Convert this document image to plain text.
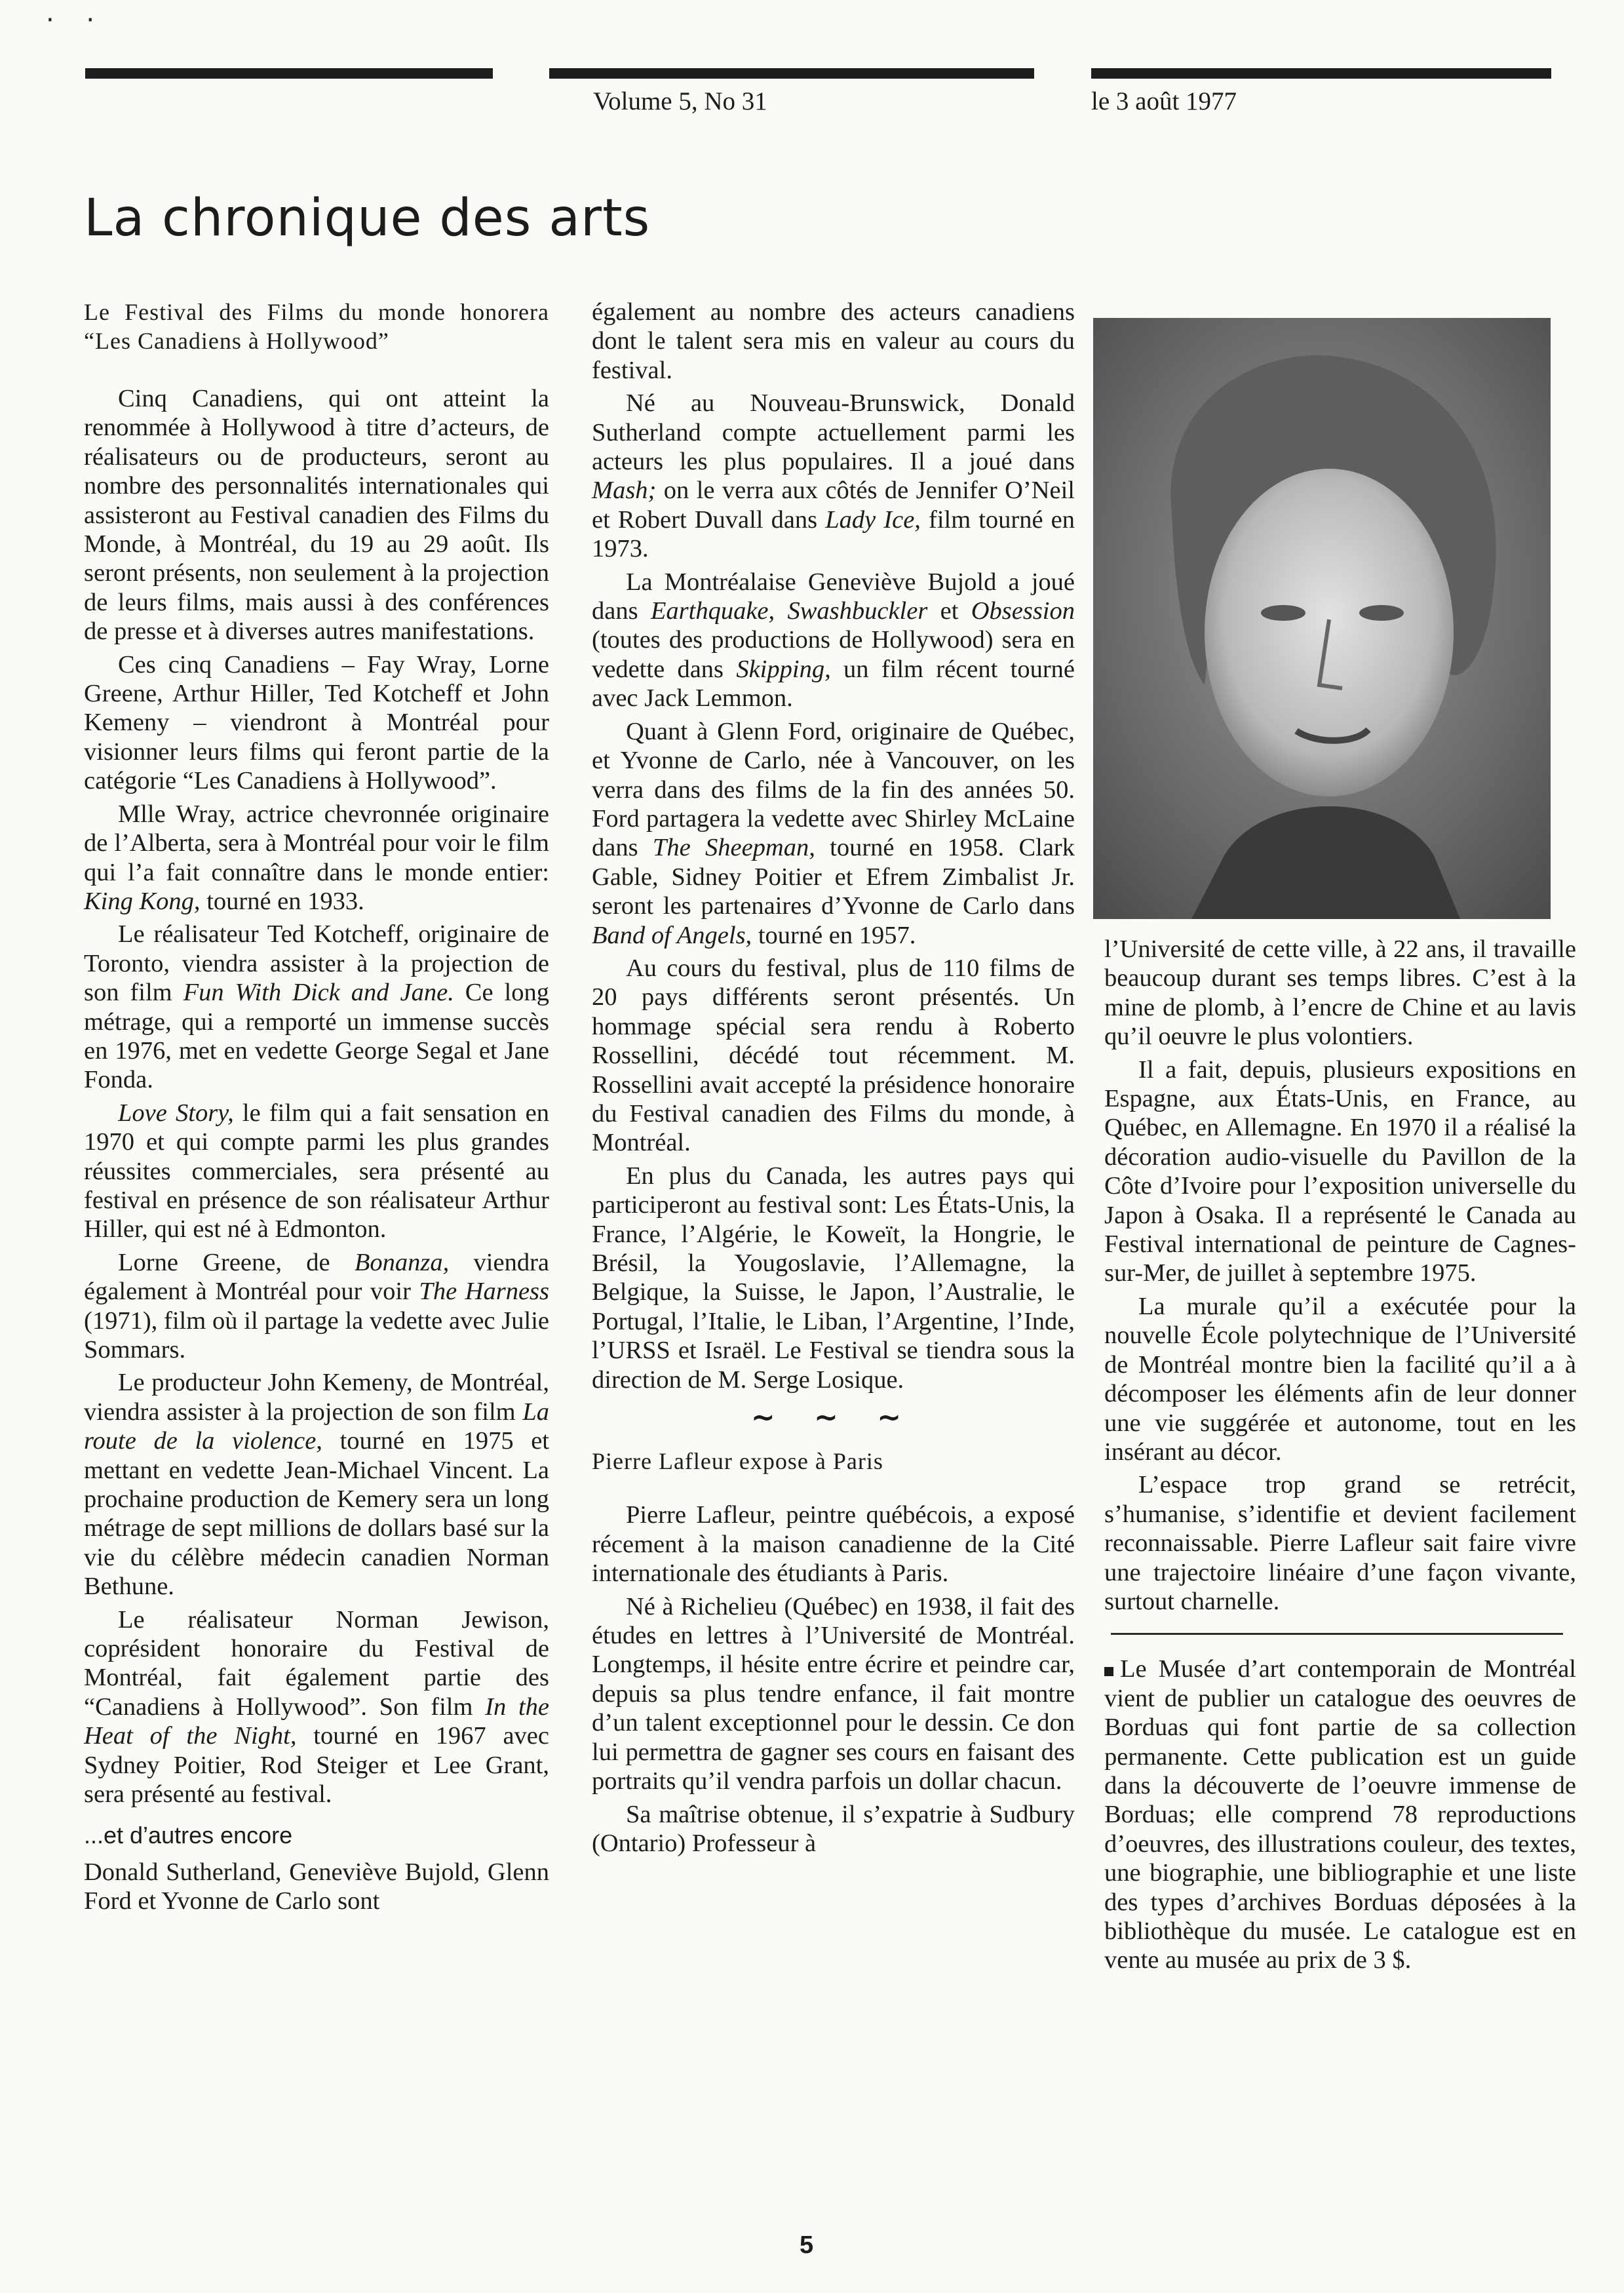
· ·
Volume 5, No 31	le 3 août 1977
La chronique des arts

Le Festival des Films du monde honorera “Les Canadiens à Hollywood”

Cinq Canadiens, qui ont atteint la renommée à Hollywood à titre d’acteurs, de réalisateurs ou de producteurs, seront au nombre des personnalités internationales qui assisteront au Festival canadien des Films du Monde, à Montréal, du 19 au 29 août. Ils seront présents, non seulement à la projection de leurs films, mais aussi à des conférences de presse et à diverses autres manifestations.

Ces cinq Canadiens – Fay Wray, Lorne Greene, Arthur Hiller, Ted Kotcheff et John Kemeny – viendront à Montréal pour visionner leurs films qui feront partie de la catégorie “Les Canadiens à Hollywood”.

Mlle Wray, actrice chevronnée originaire de l’Alberta, sera à Montréal pour voir le film qui l’a fait connaître dans le monde entier: King Kong, tourné en 1933.

Le réalisateur Ted Kotcheff, originaire de Toronto, viendra assister à la projection de son film Fun With Dick and Jane. Ce long métrage, qui a remporté un immense succès en 1976, met en vedette George Segal et Jane Fonda.

Love Story, le film qui a fait sensation en 1970 et qui compte parmi les plus grandes réussites commerciales, sera présenté au festival en présence de son réalisateur Arthur Hiller, qui est né à Edmonton.

Lorne Greene, de Bonanza, viendra également à Montréal pour voir The Harness (1971), film où il partage la vedette avec Julie Sommars.

Le producteur John Kemeny, de Montréal, viendra assister à la projection de son film La route de la violence, tourné en 1975 et mettant en vedette Jean-Michael Vincent. La prochaine production de Kemery sera un long métrage de sept millions de dollars basé sur la vie du célèbre médecin canadien Norman Bethune.

Le réalisateur Norman Jewison, coprésident honoraire du Festival de Montréal, fait également partie des “Canadiens à Hollywood”. Son film In the Heat of the Night, tourné en 1967 avec Sydney Poitier, Rod Steiger et Lee Grant, sera présenté au festival.

...et d’autres encore

Donald Sutherland, Geneviève Bujold, Glenn Ford et Yvonne de Carlo sont

également au nombre des acteurs canadiens dont le talent sera mis en valeur au cours du festival.

Né au Nouveau-Brunswick, Donald Sutherland compte actuellement parmi les acteurs les plus populaires. Il a joué dans Mash; on le verra aux côtés de Jennifer O’Neil et Robert Duvall dans Lady Ice, film tourné en 1973.

La Montréalaise Geneviève Bujold a joué dans Earthquake, Swashbuckler et Obsession (toutes des productions de Hollywood) sera en vedette dans Skipping, un film récent tourné avec Jack Lemmon.

Quant à Glenn Ford, originaire de Québec, et Yvonne de Carlo, née à Vancouver, on les verra dans des films de la fin des années 50. Ford partagera la vedette avec Shirley McLaine dans The Sheepman, tourné en 1958. Clark Gable, Sidney Poitier et Efrem Zimbalist Jr. seront les partenaires d’Yvonne de Carlo dans Band of Angels, tourné en 1957.

Au cours du festival, plus de 110 films de 20 pays différents seront présentés. Un hommage spécial sera rendu à Roberto Rossellini, décédé tout récemment. M. Rossellini avait accepté la présidence honoraire du Festival canadien des Films du monde, à Montréal.

En plus du Canada, les autres pays qui participeront au festival sont: Les États-Unis, la France, l’Algérie, le Koweït, la Hongrie, le Brésil, la Yougoslavie, l’Allemagne, la Belgique, la Suisse, le Japon, l’Australie, le Portugal, l’Italie, le Liban, l’Argentine, l’Inde, l’URSS et Israël. Le Festival se tiendra sous la direction de M. Serge Losique.

~ ~ ~

Pierre Lafleur expose à Paris

Pierre Lafleur, peintre québécois, a exposé récement à la maison canadienne de la Cité internationale des étudiants à Paris.

Né à Richelieu (Québec) en 1938, il fait des études en lettres à l’Université de Montréal. Longtemps, il hésite entre écrire et peindre car, depuis sa plus tendre enfance, il fait montre d’un talent exceptionnel pour le dessin. Ce don lui permettra de gagner ses cours en faisant des portraits qu’il vendra parfois un dollar chacun.

Sa maîtrise obtenue, il s’expatrie à Sudbury (Ontario) Professeur à

l’Université de cette ville, à 22 ans, il travaille beaucoup durant ses temps libres. C’est à la mine de plomb, à l’encre de Chine et au lavis qu’il oeuvre le plus volontiers.

Il a fait, depuis, plusieurs expositions en Espagne, aux États-Unis, en France, au Québec, en Allemagne. En 1970 il a réalisé la décoration audio-visuelle du Pavillon de la Côte d’Ivoire pour l’exposition universelle du Japon à Osaka. Il a représenté le Canada au Festival international de peinture de Cagnes-sur-Mer, de juillet à septembre 1975.

La murale qu’il a exécutée pour la nouvelle École polytechnique de l’Université de Montréal montre bien la facilité qu’il a à décomposer les éléments afin de leur donner une vie suggérée et autonome, tout en les insérant au décor.

L’espace trop grand se retrécit, s’humanise, s’identifie et devient facilement reconnaissable. Pierre Lafleur sait faire vivre une trajectoire linéaire d’une façon vivante, surtout charnelle.

Le Musée d’art contemporain de Montréal vient de publier un catalogue des oeuvres de Borduas qui font partie de sa collection permanente. Cette publication est un guide dans la découverte de l’oeuvre immense de Borduas; elle comprend 78 reproductions d’oeuvres, des illustrations couleur, des textes, une biographie, une bibliographie et une liste des types d’archives Borduas déposées à la bibliothèque du musée. Le catalogue est en vente au musée au prix de 3 $.

5
